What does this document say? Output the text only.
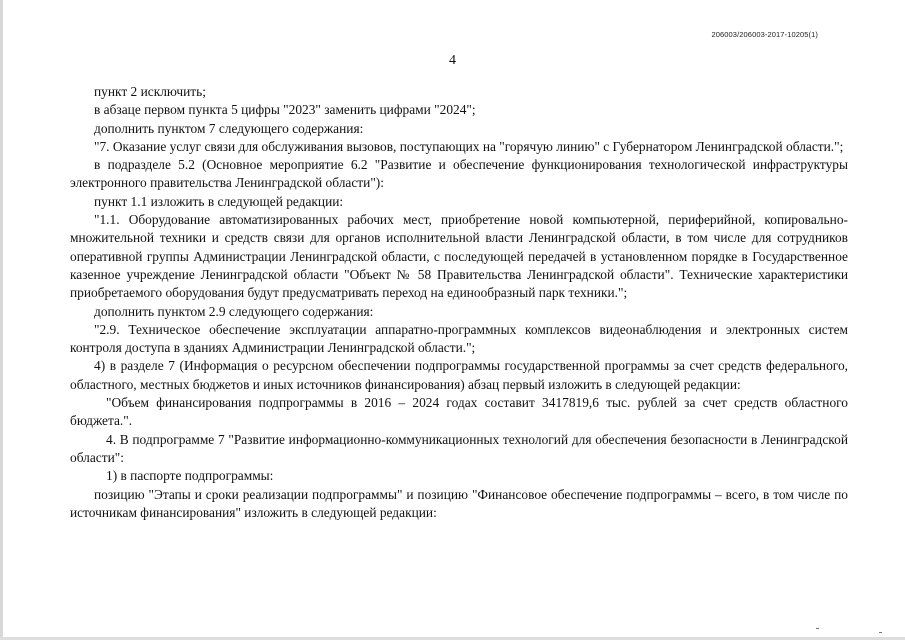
206003/206003-2017-10205(1)
4

пункт 2 исключить;

в абзаце первом пункта 5 цифры "2023" заменить цифрами "2024";

дополнить пунктом 7 следующего содержания:

"7. Оказание услуг связи для обслуживания вызовов, поступающих на "горячую линию" с Губернатором Ленинградской области.";

в подразделе 5.2 (Основное мероприятие 6.2 "Развитие и обеспечение функционирования технологической инфраструктуры электронного правительства Ленинградской области"):

пункт 1.1 изложить в следующей редакции:

"1.1. Оборудование автоматизированных рабочих мест, приобретение новой компьютерной, периферийной, копировально-множительной техники и средств связи для органов исполнительной власти Ленинградской области, в том числе для сотрудников оперативной группы Администрации Ленинградской области, с последующей передачей в установленном порядке в Государственное казенное учреждение Ленинградской области "Объект № 58 Правительства Ленинградской области". Технические характеристики приобретаемого оборудования будут предусматривать переход на единообразный парк техники.";

дополнить пунктом 2.9 следующего содержания:

"2.9. Техническое обеспечение эксплуатации аппаратно-программных комплексов видеонаблюдения и электронных систем контроля доступа в зданиях Администрации Ленинградской области.";

4) в разделе 7 (Информация о ресурсном обеспечении подпрограммы государственной программы за счет средств федерального, областного, местных бюджетов и иных источников финансирования) абзац первый изложить в следующей редакции:

"Объем финансирования подпрограммы в 2016 – 2024 годах составит 3417819,6 тыс. рублей за счет средств областного бюджета.".

4. В подпрограмме 7 "Развитие информационно-коммуникационных технологий для обеспечения безопасности в Ленинградской области":

1) в паспорте подпрограммы:

позицию "Этапы и сроки реализации подпрограммы" и позицию "Финансовое обеспечение подпрограммы – всего, в том числе по источникам финансирования" изложить в следующей редакции:
